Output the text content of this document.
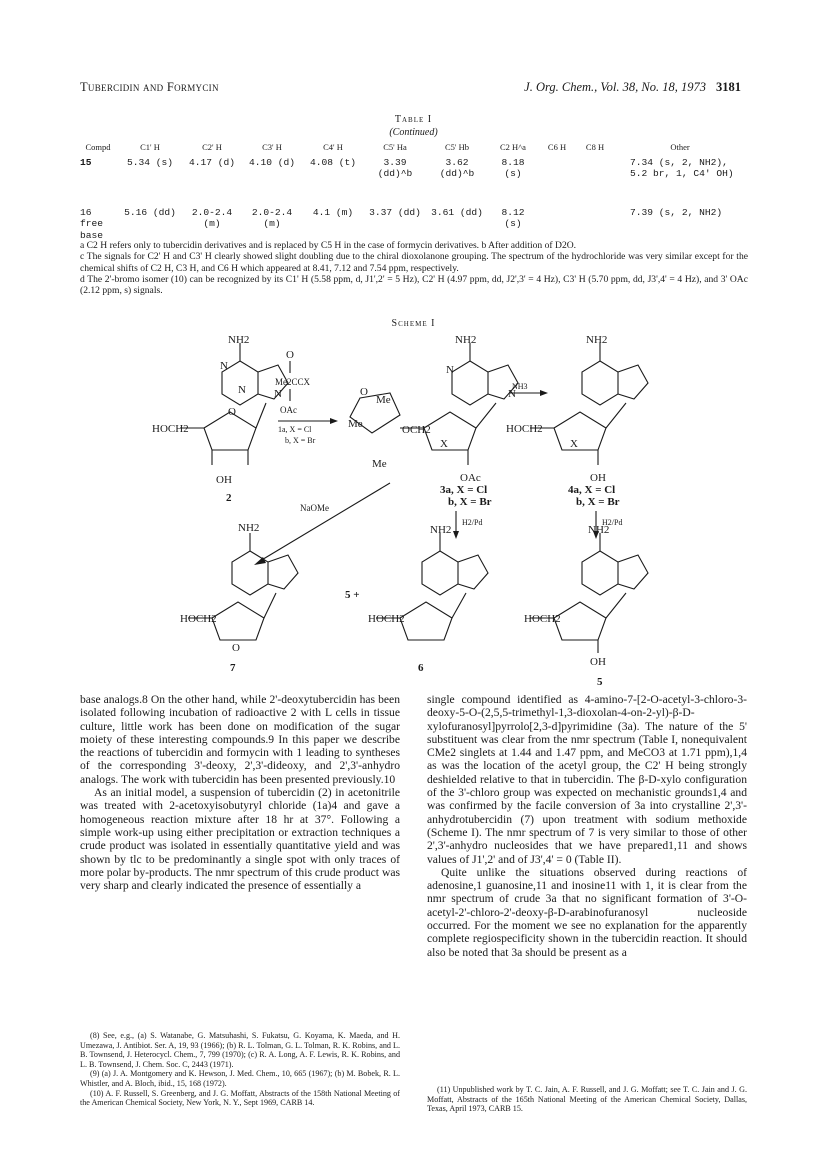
Tubercidin and Formycin	J. Org. Chem., Vol. 38, No. 18, 1973 3181
Table I
(Continued)
Compd	C1' H	C2' H	C3' H	C4' H	C5' Ha	C5' Hb	C2 H^a	C6 H	C8 H	Other
15	5.34 (s)	4.17 (d)	4.10 (d)	4.08 (t)	3.39 (dd)^b	3.62 (dd)^b	8.18 (s)			7.34 (s, 2, NH2), 5.2 br, 1, C4' OH)
16 free base	5.16 (dd)	2.0-2.4 (m)	2.0-2.4 (m)	4.1 (m)	3.37 (dd)	3.61 (dd)	8.12 (s)			7.39 (s, 2, NH2)
a C2 H refers only to tubercidin derivatives and is replaced by C5 H in the case of formycin derivatives. b After addition of D2O.
c The signals for C2' H and C3' H clearly showed slight doubling due to the chiral dioxolanone grouping. The spectrum of the hydrochloride was very similar except for the chemical shifts of C2 H, C3 H, and C6 H which appeared at 8.41, 7.12 and 7.54 ppm, respectively.
d The 2'-bromo isomer (10) can be recognized by its C1' H (5.58 ppm, d, J1',2' = 5 Hz), C2' H (4.97 ppm, dd, J2',3' = 4 Hz), C3' H (5.70 ppm, dd, J3',4' = 4 Hz), and 3' OAc (2.12 ppm, s) signals.
Scheme I
NH2
N
N	N
HOCH2
O
OH
2
O
Me2CCX
OAc
1a, X = Cl
b, X = Br
O
Me
Me
OCH2
NH2
N
N
X
OAc
Me
3a, X = Cl
b, X = Br
NH3
NH2
HOCH2
X
OH
4a, X = Cl
b, X = Br
H2/Pd	H2/Pd
NaOMe
NH2
HOCH2
O
7
5 +
NH2
HOCH2
6
NH2
HOCH2
OH
5

base analogs.8 On the other hand, while 2'-deoxytubercidin has been isolated following incubation of radioactive 2 with L cells in tissue culture, little work has been done on modification of the sugar moiety of these interesting compounds.9 In this paper we describe the reactions of tubercidin and formycin with 1 leading to syntheses of the corresponding 3'-deoxy, 2',3'-dideoxy, and 2',3'-anhydro analogs. The work with tubercidin has been presented previously.10

As an initial model, a suspension of tubercidin (2) in acetonitrile was treated with 2-acetoxyisobutyryl chloride (1a)4 and gave a homogeneous reaction mixture after 18 hr at 37°. Following a simple work-up using either precipitation or extraction techniques a crude product was isolated in essentially quantitative yield and was shown by tlc to be predominantly a single spot with only traces of more polar by-products. The nmr spectrum of this crude product was very sharp and clearly indicated the presence of essentially a

single compound identified as 4-amino-7-[2-O-acetyl-3-chloro-3-deoxy-5-O-(2,5,5-trimethyl-1,3-dioxolan-4-on-2-yl)-β-D-xylofuranosyl]pyrrolo[2,3-d]pyrimidine (3a). The nature of the 5' substituent was clear from the nmr spectrum (Table I, nonequivalent CMe2 singlets at 1.44 and 1.47 ppm, and MeCO3 at 1.71 ppm),1,4 as was the location of the acetyl group, the C2' H being strongly deshielded relative to that in tubercidin. The β-D-xylo configuration of the 3'-chloro group was expected on mechanistic grounds1,4 and was confirmed by the facile conversion of 3a into crystalline 2',3'-anhydrotubercidin (7) upon treatment with sodium methoxide (Scheme I). The nmr spectrum of 7 is very similar to those of other 2',3'-anhydro nucleosides that we have prepared1,11 and shows values of J1',2' and of J3',4' = 0 (Table II).

Quite unlike the situations observed during reactions of adenosine,1 guanosine,11 and inosine11 with 1, it is clear from the nmr spectrum of crude 3a that no significant formation of 3'-O-acetyl-2'-chloro-2'-deoxy-β-D-arabinofuranosyl nucleoside occurred. For the moment we see no explanation for the apparently complete regiospecificity shown in the tubercidin reaction. It should also be noted that 3a should be present as a

(8) See, e.g., (a) S. Watanabe, G. Matsuhashi, S. Fukatsu, G. Koyama, K. Maeda, and H. Umezawa, J. Antibiot. Ser. A, 19, 93 (1966); (b) R. L. Tolman, G. L. Tolman, R. K. Robins, and L. B. Townsend, J. Heterocycl. Chem., 7, 799 (1970); (c) R. A. Long, A. F. Lewis, R. K. Robins, and L. B. Townsend, J. Chem. Soc. C, 2443 (1971).

(9) (a) J. A. Montgomery and K. Hewson, J. Med. Chem., 10, 665 (1967); (b) M. Bobek, R. L. Whistler, and A. Bloch, ibid., 15, 168 (1972).

(10) A. F. Russell, S. Greenberg, and J. G. Moffatt, Abstracts of the 158th National Meeting of the American Chemical Society, New York, N. Y., Sept 1969, CARB 14.

(11) Unpublished work by T. C. Jain, A. F. Russell, and J. G. Moffatt; see T. C. Jain and J. G. Moffatt, Abstracts of the 165th National Meeting of the American Chemical Society, Dallas, Texas, April 1973, CARB 15.
